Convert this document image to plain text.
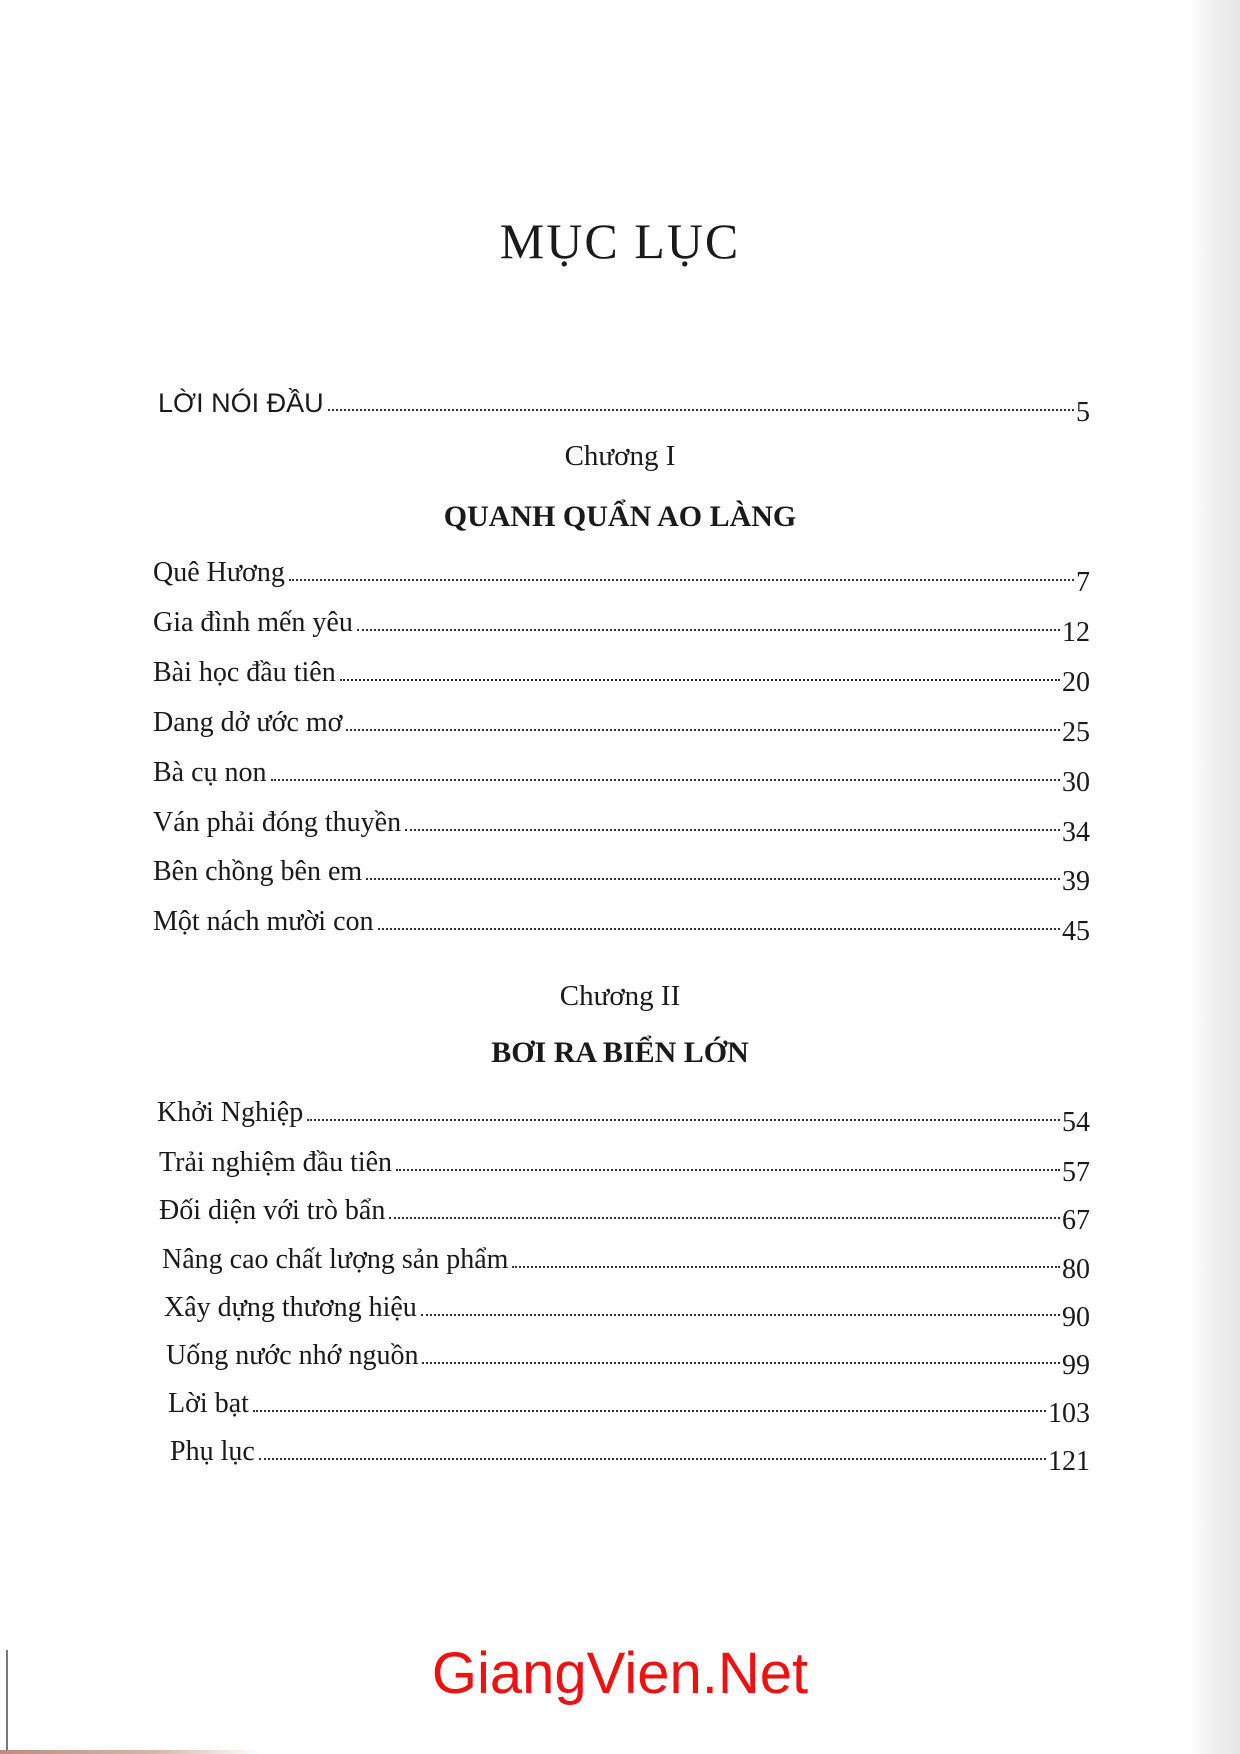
MỤC LỤC
LỜI NÓI ĐẦU	5
Chương I
QUANH QUẨN AO LÀNG
Quê Hương	7
Gia đình mến yêu	12
Bài học đầu tiên	20
Dang dở ước mơ	25
Bà cụ non	30
Ván phải đóng thuyền	34
Bên chồng bên em	39
Một nách mười con	45
Chương II
BƠI RA BIỂN LỚN
Khởi Nghiệp	54
Trải nghiệm đầu tiên	57
Đối diện với trò bẩn	67
Nâng cao chất lượng sản phẩm	80
Xây dựng thương hiệu	90
Uống nước nhớ nguồn	99
Lời bạt	103
Phụ lục	121
GiangVien.Net
